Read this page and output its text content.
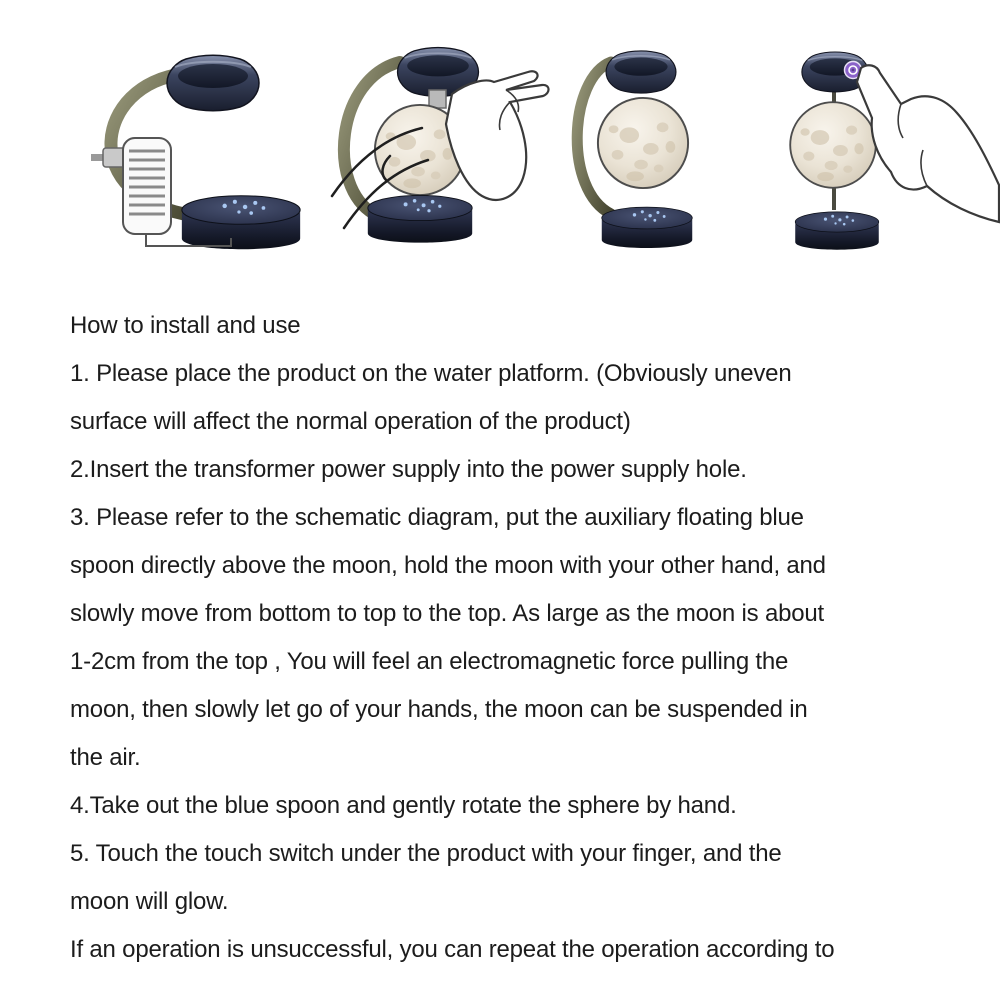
How to install and use
1. Please place the product on the water platform. (Obviously uneven
surface will affect the normal operation of the product)
2.Insert the transformer power supply into the power supply hole.
3. Please refer to the schematic diagram, put the auxiliary floating blue
spoon directly above the moon, hold the moon with your other hand, and
slowly move from bottom to top to the top. As large as the moon is about
1-2cm from the top , You will feel an electromagnetic force pulling the
moon, then slowly let go of your hands, the moon can be suspended in
the air.
4.Take out the blue spoon and gently rotate the sphere by hand.
5. Touch the touch switch under the product with your finger, and the
moon will glow.
If an operation is unsuccessful, you can repeat the operation according to
